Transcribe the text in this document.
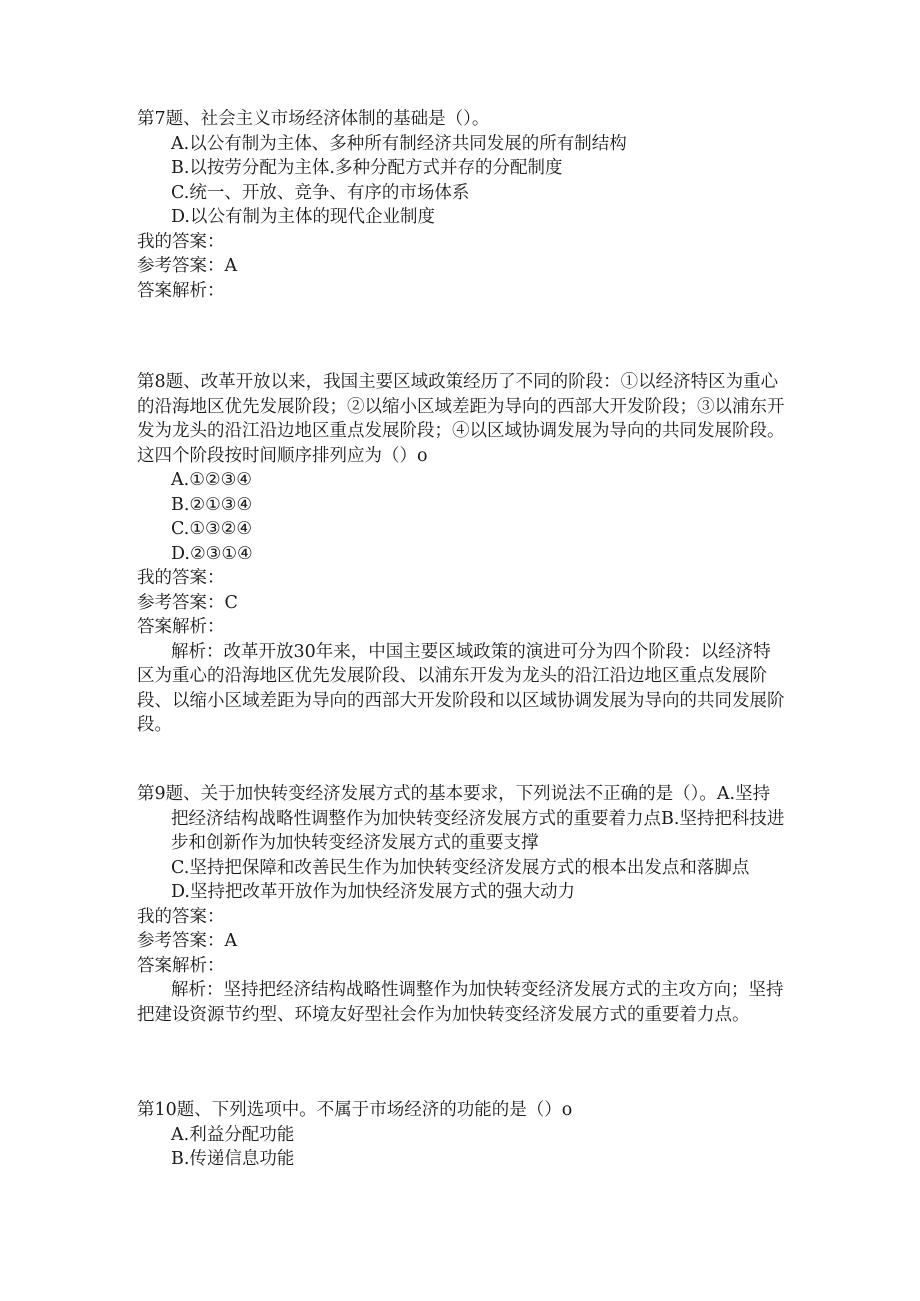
第7题、社会主义市场经济体制的基础是（）。
A.以公有制为主体、多种所有制经济共同发展的所有制结构
B.以按劳分配为主体.多种分配方式并存的分配制度
C.统一、开放、竞争、有序的市场体系
D.以公有制为主体的现代企业制度
我的答案：
参考答案：A
答案解析：
第8题、改革开放以来，我国主要区域政策经历了不同的阶段：①以经济特区为重心的沿海地区优先发展阶段；②以缩小区域差距为导向的西部大开发阶段；③以浦东开发为龙头的沿江沿边地区重点发展阶段；④以区域协调发展为导向的共同发展阶段。这四个阶段按时间顺序排列应为（）o
A.①②③④
B.②①③④
C.①③②④
D.②③①④
我的答案：
参考答案：C
答案解析：
解析：改革开放30年来，中国主要区域政策的演进可分为四个阶段：以经济特区为重心的沿海地区优先发展阶段、以浦东开发为龙头的沿江沿边地区重点发展阶段、以缩小区域差距为导向的西部大开发阶段和以区域协调发展为导向的共同发展阶段。
第9题、关于加快转变经济发展方式的基本要求，下列说法不正确的是（）。A.坚持把经济结构战略性调整作为加快转变经济发展方式的重要着力点B.坚持把科技进步和创新作为加快转变经济发展方式的重要支撑
C.坚持把保障和改善民生作为加快转变经济发展方式的根本出发点和落脚点
D.坚持把改革开放作为加快经济发展方式的强大动力
我的答案：
参考答案：A
答案解析：
解析：坚持把经济结构战略性调整作为加快转变经济发展方式的主攻方向；坚持把建设资源节约型、环境友好型社会作为加快转变经济发展方式的重要着力点。
第10题、下列选项中。不属于市场经济的功能的是（）o
A.利益分配功能
B.传递信息功能
